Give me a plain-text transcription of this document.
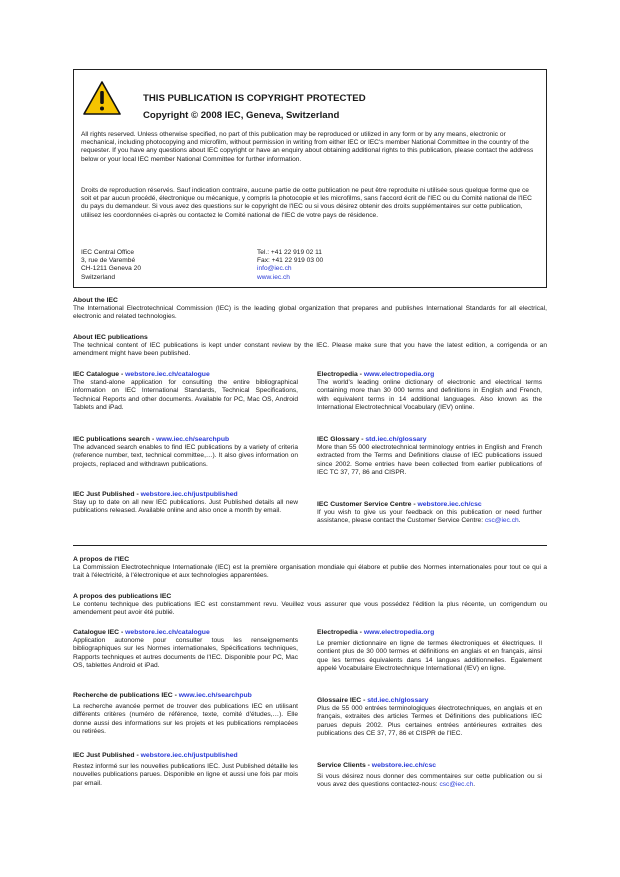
THIS PUBLICATION IS COPYRIGHT PROTECTED
Copyright © 2008 IEC, Geneva, Switzerland

All rights reserved. Unless otherwise specified, no part of this publication may be reproduced or utilized in any form or by any means, electronic or mechanical, including photocopying and microfilm, without permission in writing from either IEC or IEC's member National Committee in the country of the requester. If you have any questions about IEC copyright or have an enquiry about obtaining additional rights to this publication, please contact the address below or your local IEC member National Committee for further information.

Droits de reproduction réservés. Sauf indication contraire, aucune partie de cette publication ne peut être reproduite ni utilisée sous quelque forme que ce soit et par aucun procédé, électronique ou mécanique, y compris la photocopie et les microfilms, sans l'accord écrit de l'IEC ou du Comité national de l'IEC du pays du demandeur. Si vous avez des questions sur le copyright de l'IEC ou si vous désirez obtenir des droits supplémentaires sur cette publication, utilisez les coordonnées ci-après ou contactez le Comité national de l'IEC de votre pays de résidence.

IEC Central Office
3, rue de Varembé
CH-1211 Geneva 20
Switzerland
Tel.: +41 22 919 02 11
Fax: +41 22 919 03 00
info@iec.ch
www.iec.ch
About the IEC

The International Electrotechnical Commission (IEC) is the leading global organization that prepares and publishes International Standards for all electrical, electronic and related technologies.

About IEC publications

The technical content of IEC publications is kept under constant review by the IEC. Please make sure that you have the latest edition, a corrigenda or an amendment might have been published.

IEC Catalogue - webstore.iec.ch/catalogue

The stand-alone application for consulting the entire bibliographical information on IEC International Standards, Technical Specifications, Technical Reports and other documents. Available for PC, Mac OS, Android Tablets and iPad.

IEC publications search - www.iec.ch/searchpub

The advanced search enables to find IEC publications by a variety of criteria (reference number, text, technical committee,…). It also gives information on projects, replaced and withdrawn publications.

IEC Just Published - webstore.iec.ch/justpublished

Stay up to date on all new IEC publications. Just Published details all new publications released. Available online and also once a month by email.

Electropedia - www.electropedia.org

The world's leading online dictionary of electronic and electrical terms containing more than 30 000 terms and definitions in English and French, with equivalent terms in 14 additional languages. Also known as the International Electrotechnical Vocabulary (IEV) online.

IEC Glossary - std.iec.ch/glossary

More than 55 000 electrotechnical terminology entries in English and French extracted from the Terms and Definitions clause of IEC publications issued since 2002. Some entries have been collected from earlier publications of IEC TC 37, 77, 86 and CISPR.

IEC Customer Service Centre - webstore.iec.ch/csc

If you wish to give us your feedback on this publication or need further assistance, please contact the Customer Service Centre: csc@iec.ch.

A propos de l'IEC

La Commission Electrotechnique Internationale (IEC) est la première organisation mondiale qui élabore et publie des Normes internationales pour tout ce qui a trait à l'électricité, à l'électronique et aux technologies apparentées.

A propos des publications IEC

Le contenu technique des publications IEC est constamment revu. Veuillez vous assurer que vous possédez l'édition la plus récente, un corrigendum ou amendement peut avoir été publié.

Catalogue IEC - webstore.iec.ch/catalogue

Application autonome pour consulter tous les renseignements bibliographiques sur les Normes internationales, Spécifications techniques, Rapports techniques et autres documents de l'IEC. Disponible pour PC, Mac OS, tablettes Android et iPad.

Recherche de publications IEC - www.iec.ch/searchpub

La recherche avancée permet de trouver des publications IEC en utilisant différents critères (numéro de référence, texte, comité d'études,…). Elle donne aussi des informations sur les projets et les publications remplacées ou retirées.

IEC Just Published - webstore.iec.ch/justpublished

Restez informé sur les nouvelles publications IEC. Just Published détaille les nouvelles publications parues. Disponible en ligne et aussi une fois par mois par email.

Electropedia - www.electropedia.org

Le premier dictionnaire en ligne de termes électroniques et électriques. Il contient plus de 30 000 termes et définitions en anglais et en français, ainsi que les termes équivalents dans 14 langues additionnelles. Egalement appelé Vocabulaire Electrotechnique International (IEV) en ligne.

Glossaire IEC - std.iec.ch/glossary

Plus de 55 000 entrées terminologiques électrotechniques, en anglais et en français, extraites des articles Termes et Définitions des publications IEC parues depuis 2002. Plus certaines entrées antérieures extraites des publications des CE 37, 77, 86 et CISPR de l'IEC.

Service Clients - webstore.iec.ch/csc

Si vous désirez nous donner des commentaires sur cette publication ou si vous avez des questions contactez-nous: csc@iec.ch.
